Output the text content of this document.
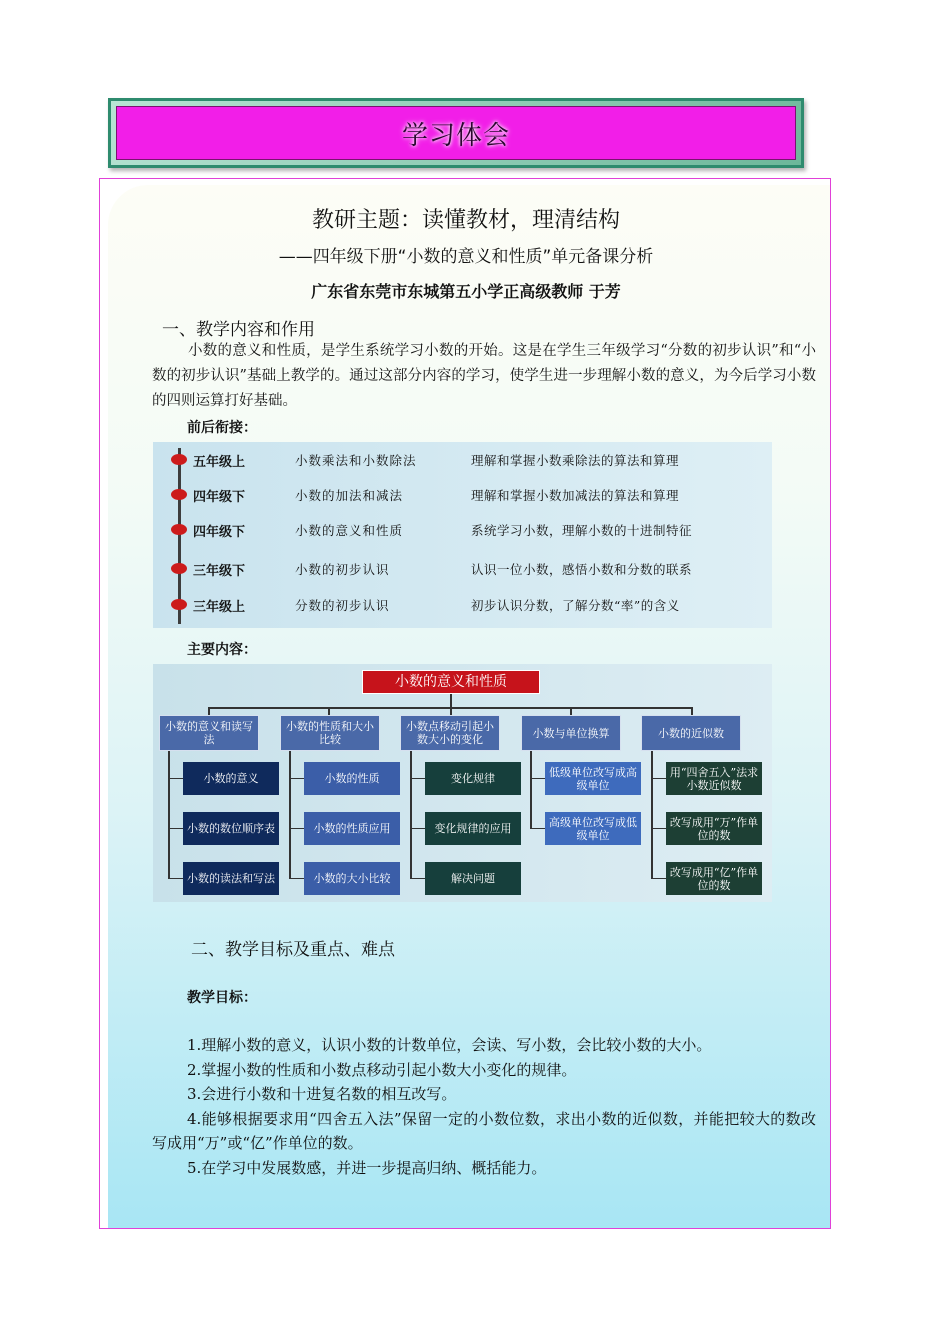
学习体会
教研主题：读懂教材，理清结构
——四年级下册“小数的意义和性质”单元备课分析
广东省东莞市东城第五小学正高级教师 于芳
一、教学内容和作用
小数的意义和性质，是学生系统学习小数的开始。这是在学生三年级学习“分数的初步认识”和“小数的初步认识”基础上教学的。通过这部分内容的学习，使学生进一步理解小数的意义，为今后学习小数的四则运算打好基础。
前后衔接：
五年级上	小数乘法和小数除法	理解和掌握小数乘除法的算法和算理
四年级下	小数的加法和减法	理解和掌握小数加减法的算法和算理
四年级下	小数的意义和性质	系统学习小数，理解小数的十进制特征
三年级下	小数的初步认识	认识一位小数，感悟小数和分数的联系
三年级上	分数的初步认识	初步认识分数，了解分数“率”的含义
主要内容：
小数的意义和性质
小数的意义和读写法
小数的性质和大小比较
小数点移动引起小数大小的变化	小数与单位换算	小数的近似数
小数的意义
小数的数位顺序表
小数的读法和写法
小数的性质
小数的性质应用
小数的大小比较
变化规律
变化规律的应用
解决问题
低级单位改写成高级单位
高级单位改写成低级单位
用“四舍五入”法求小数近似数
改写成用“万”作单位的数
改写成用“亿”作单位的数
二、教学目标及重点、难点
教学目标：

1.理解小数的意义，认识小数的计数单位，会读、写小数，会比较小数的大小。

2.掌握小数的性质和小数点移动引起小数大小变化的规律。

3.会进行小数和十进复名数的相互改写。

4.能够根据要求用“四舍五入法”保留一定的小数位数，求出小数的近似数，并能把较大的数改写成用“万”或“亿”作单位的数。

5.在学习中发展数感，并进一步提高归纳、概括能力。
